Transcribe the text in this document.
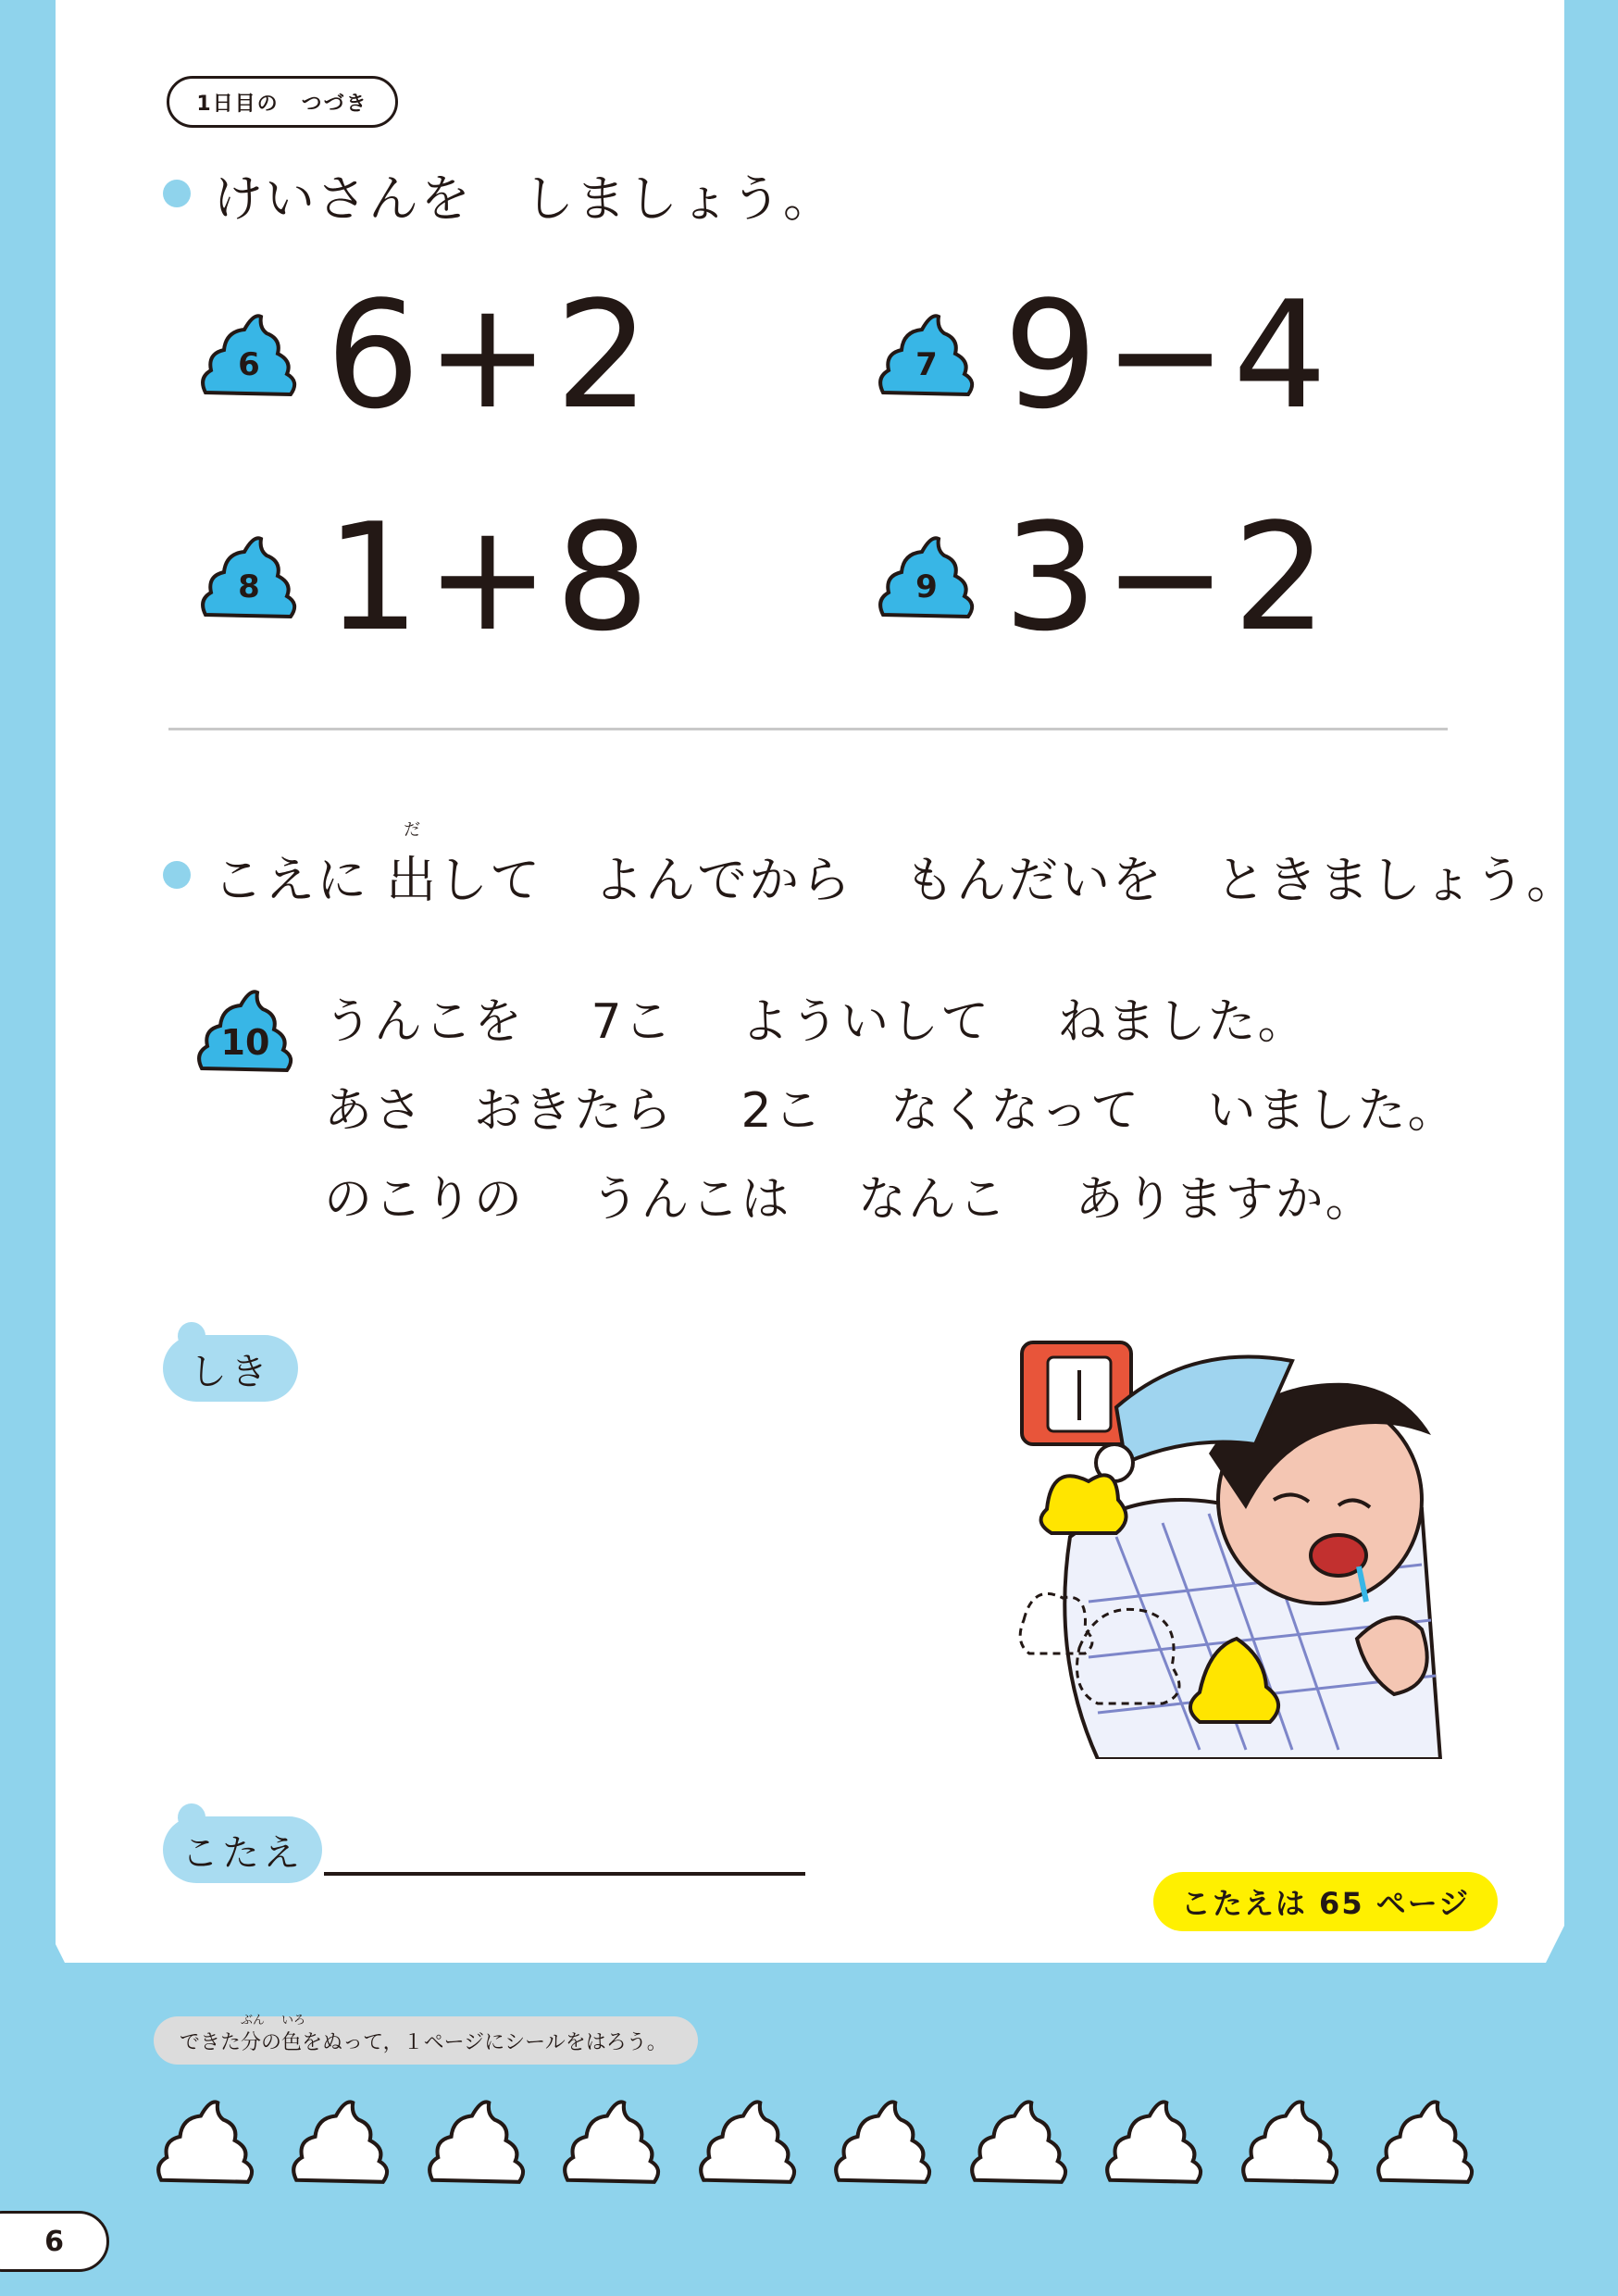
1日目の　つづき
けいさんを　しましょう。
6 6+2	7 9−4
8 1+8	9 3−2
こえに
だ
出して　よんでから　もんだいを　ときましょう。
10	うんこを　 7こ　 よういして　 ねました。
あさ　おきたら　 2こ　 なくなって　 いました。
のこりの　 うんこは　 なんこ　 ありますか。
しき
こたえ
こたえは 65 ページ
できた
ぶん
分 の
いろ
色 をぬって，１ページにシールをはろう。
6
